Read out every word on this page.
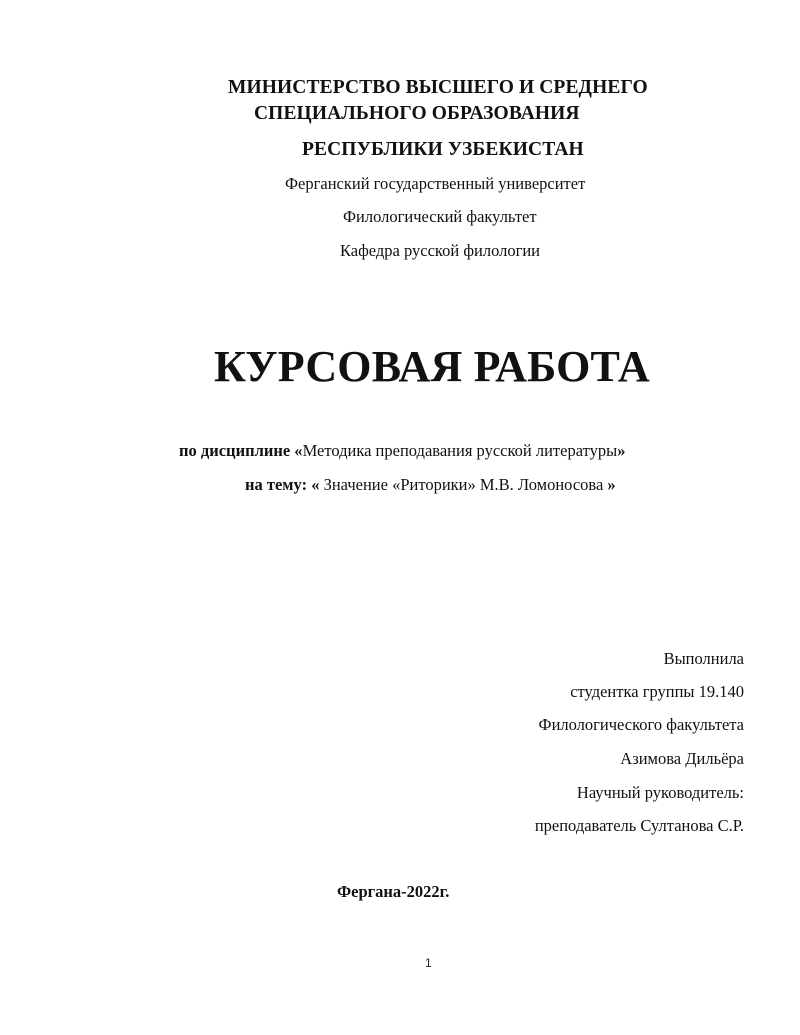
МИНИСТЕРСТВО ВЫСШЕГО И СРЕДНЕГО
СПЕЦИАЛЬНОГО ОБРАЗОВАНИЯ
РЕСПУБЛИКИ УЗБЕКИСТАН
Ферганский государственный университет
Филологический факультет
Кафедра русской филологии
КУРСОВАЯ РАБОТА
по дисциплине «Методика преподавания русской литературы»
на тему: « Значение «Риторики» М.В. Ломоносова »
Выполнила
студентка группы 19.140
Филологического факультета
Азимова Дильёра
Научный руководитель:
преподаватель Султанова С.Р.
Фергана-2022г.
1
